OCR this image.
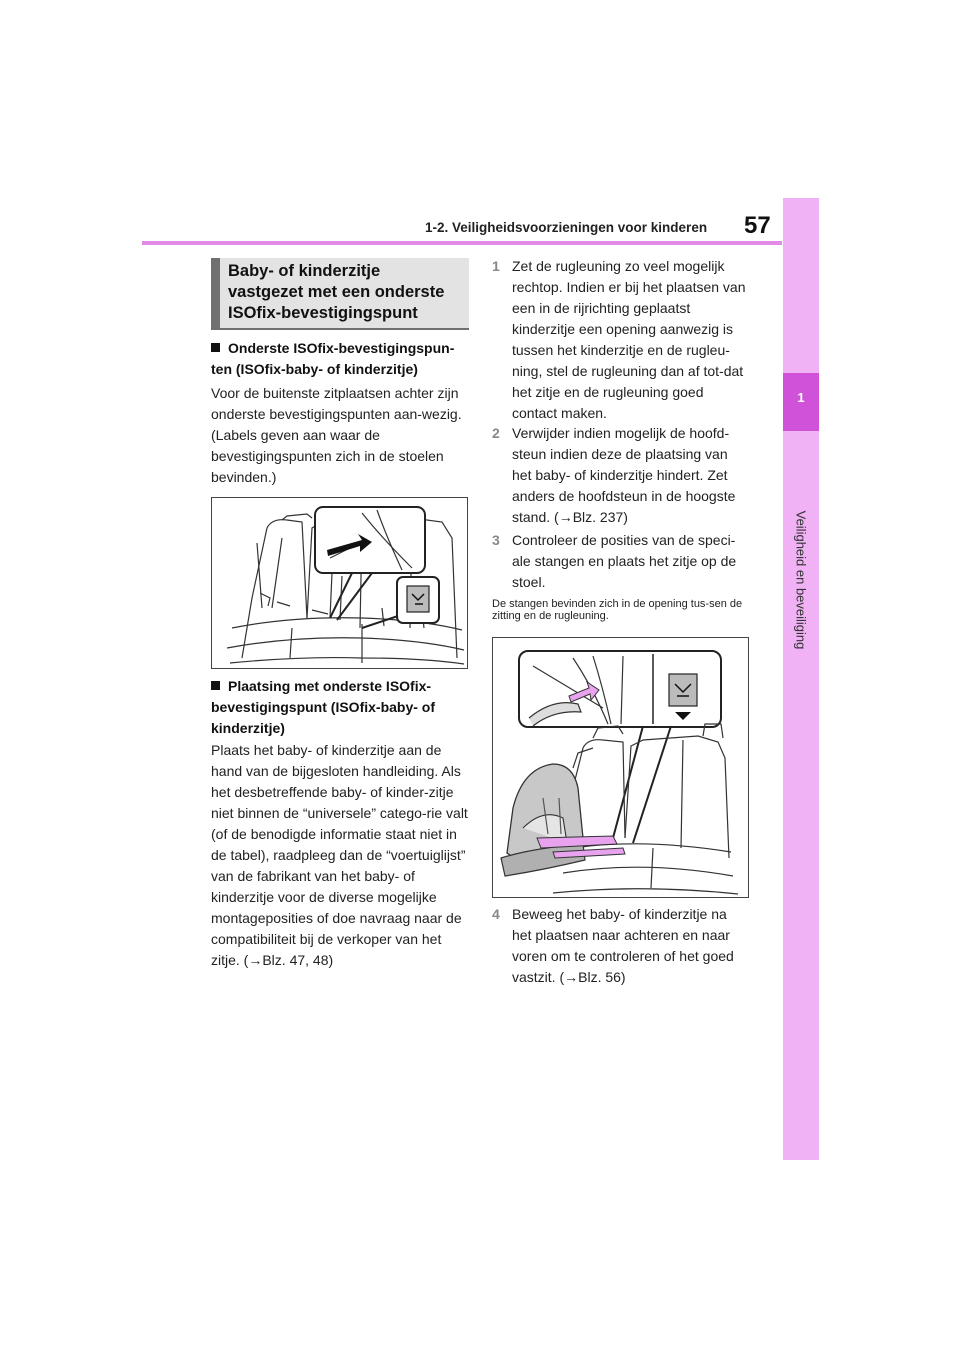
1-2. Veiligheidsvoorzieningen voor kinderen 57
1
Veiligheid en beveiliging
Baby- of kinderzitje vastgezet met een onderste ISOfix-bevestigingspunt
Onderste ISOfix-bevestigingspun-ten (ISOfix-baby- of kinderzitje)
Voor de buitenste zitplaatsen achter zijn onderste bevestigingspunten aan-wezig. (Labels geven aan waar de bevestigingspunten zich in de stoelen bevinden.)
Plaatsing met onderste ISOfix-bevestigingspunt (ISOfix-baby- of kinderzitje)
Plaats het baby- of kinderzitje aan de hand van de bijgesloten handleiding. Als het desbetreffende baby- of kinder-zitje niet binnen de “universele” catego-rie valt (of de benodigde informatie staat niet in de tabel), raadpleeg dan de “voertuiglijst” van de fabrikant van het baby- of kinderzitje voor de diverse mogelijke montageposities of doe navraag naar de compatibiliteit bij de verkoper van het zitje. (→Blz. 47, 48)
1 Zet de rugleuning zo veel mogelijk rechtop. Indien er bij het plaatsen van een in de rijrichting geplaatst kinderzitje een opening aanwezig is tussen het kinderzitje en de rugleu-ning, stel de rugleuning dan af tot-dat het zitje en de rugleuning goed contact maken.
2 Verwijder indien mogelijk de hoofd-steun indien deze de plaatsing van het baby- of kinderzitje hindert. Zet anders de hoofdsteun in de hoogste stand. (→Blz. 237)
3 Controleer de posities van de speci-ale stangen en plaats het zitje op de stoel.
De stangen bevinden zich in de opening tus-sen de zitting en de rugleuning.
4 Beweeg het baby- of kinderzitje na het plaatsen naar achteren en naar voren om te controleren of het goed vastzit. (→Blz. 56)
